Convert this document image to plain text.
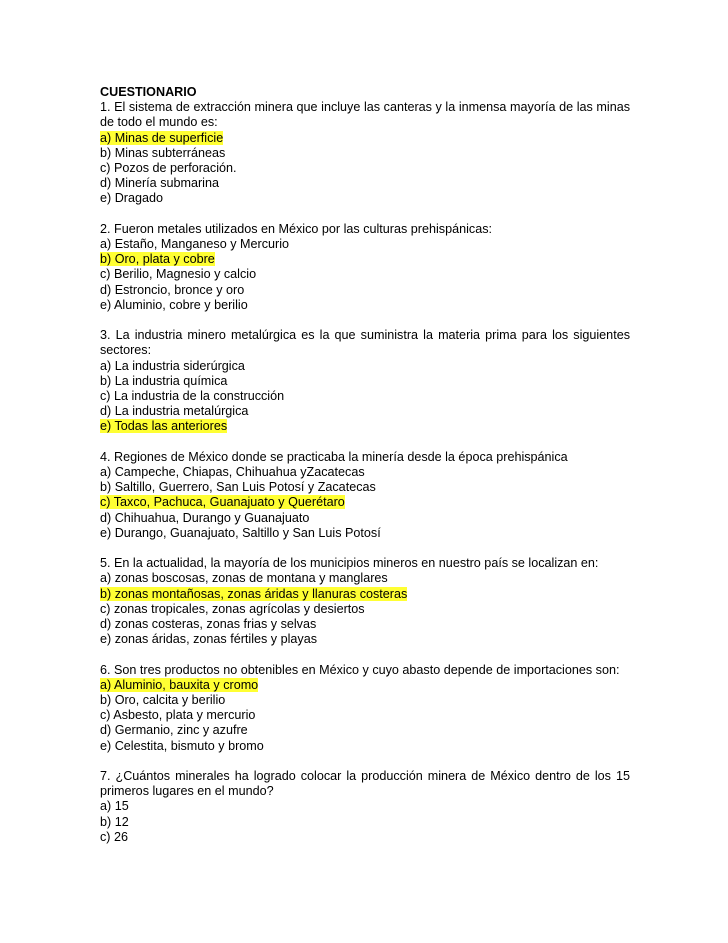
CUESTIONARIO

1. El sistema de extracción minera que incluye las canteras y la inmensa mayoría de las minas de todo el mundo es:

a) Minas de superficie
b) Minas subterráneas
c) Pozos de perforación.
d) Minería submarina
e) Dragado

2. Fueron metales utilizados en México por las culturas prehispánicas:

a) Estaño, Manganeso y Mercurio
b) Oro, plata y cobre
c) Berilio, Magnesio y calcio
d) Estroncio, bronce y oro
e) Aluminio, cobre y berilio

3. La industria minero metalúrgica es la que suministra la materia prima para los siguientes sectores:

a) La industria siderúrgica
b) La industria química
c) La industria de la construcción
d) La industria metalúrgica
e) Todas las anteriores

4. Regiones de México donde se practicaba la minería desde la época prehispánica

a) Campeche, Chiapas, Chihuahua yZacatecas
b) Saltillo, Guerrero, San Luis Potosí y Zacatecas
c) Taxco, Pachuca, Guanajuato y Querétaro
d) Chihuahua, Durango y Guanajuato
e) Durango, Guanajuato, Saltillo y San Luis Potosí

5. En la actualidad, la mayoría de los municipios mineros en nuestro país se localizan en:

a) zonas boscosas, zonas de montana y manglares
b) zonas montañosas, zonas áridas y llanuras costeras
c) zonas tropicales, zonas agrícolas y desiertos
d) zonas costeras, zonas frias y selvas
e) zonas áridas, zonas fértiles y playas

6. Son tres productos no obtenibles en México y cuyo abasto depende de importaciones son:

a) Aluminio, bauxita y cromo
b) Oro, calcita y berilio
c) Asbesto, plata y mercurio
d) Germanio, zinc y azufre
e) Celestita, bismuto y bromo

7. ¿Cuántos minerales ha logrado colocar la producción minera de México dentro de los 15 primeros lugares en el mundo?

a) 15
b) 12
c) 26
